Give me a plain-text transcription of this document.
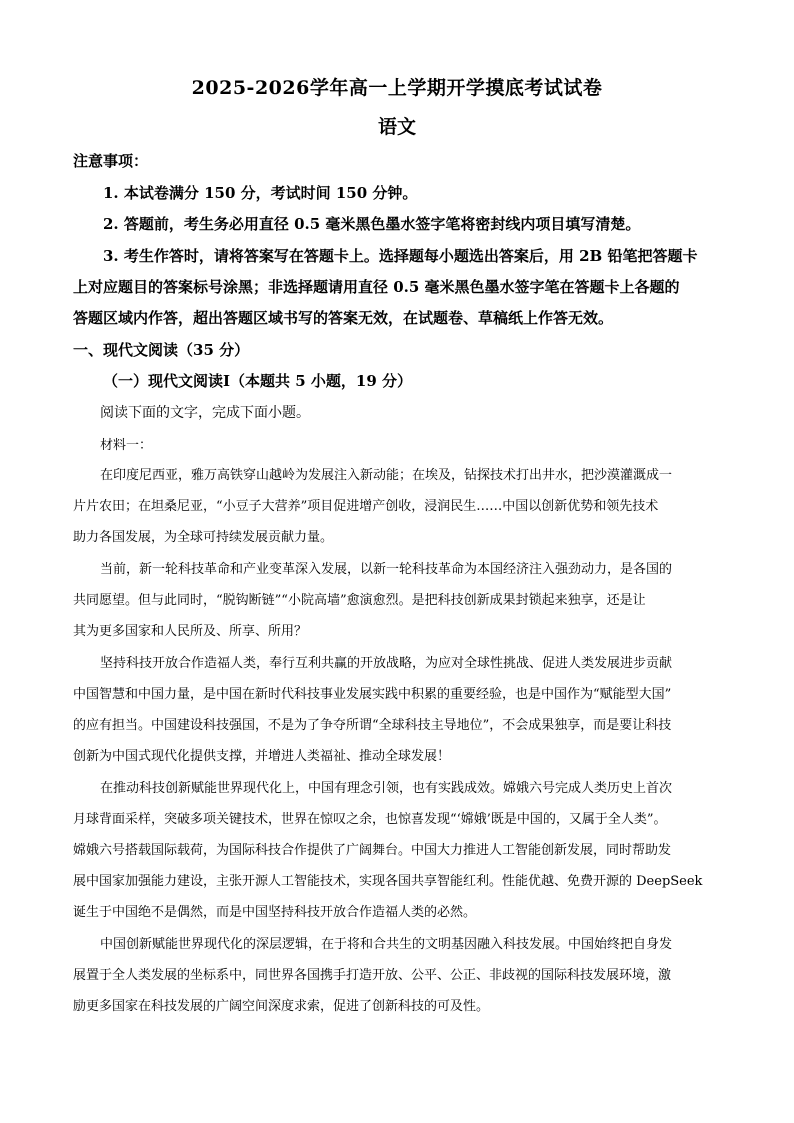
2025-2026学年高一上学期开学摸底考试试卷
语文
注意事项：
1. 本试卷满分 150 分，考试时间 150 分钟。
2. 答题前，考生务必用直径 0.5 毫米黑色墨水签字笔将密封线内项目填写清楚。
3. 考生作答时，请将答案写在答题卡上。选择题每小题选出答案后，用 2B 铅笔把答题卡
上对应题目的答案标号涂黑；非选择题请用直径 0.5 毫米黑色墨水签字笔在答题卡上各题的
答题区域内作答，超出答题区域书写的答案无效，在试题卷、草稿纸上作答无效。
一、现代文阅读（35 分）
（一）现代文阅读Ⅰ（本题共 5 小题，19 分）
阅读下面的文字，完成下面小题。
材料一：
在印度尼西亚，雅万高铁穿山越岭为发展注入新动能；在埃及，钻探技术打出井水，把沙漠灌溉成一
片片农田；在坦桑尼亚，“小豆子大营养”项目促进增产创收，浸润民生……中国以创新优势和领先技术
助力各国发展，为全球可持续发展贡献力量。
当前，新一轮科技革命和产业变革深入发展，以新一轮科技革命为本国经济注入强劲动力，是各国的
共同愿望。但与此同时，“脱钩断链”“小院高墙”愈演愈烈。是把科技创新成果封锁起来独享，还是让
其为更多国家和人民所及、所享、所用？
坚持科技开放合作造福人类，奉行互利共赢的开放战略，为应对全球性挑战、促进人类发展进步贡献
中国智慧和中国力量，是中国在新时代科技事业发展实践中积累的重要经验，也是中国作为“赋能型大国”
的应有担当。中国建设科技强国，不是为了争夺所谓“全球科技主导地位”，不会成果独享，而是要让科技
创新为中国式现代化提供支撑，并增进人类福祉、推动全球发展！
在推动科技创新赋能世界现代化上，中国有理念引领，也有实践成效。嫦娥六号完成人类历史上首次
月球背面采样，突破多项关键技术，世界在惊叹之余，也惊喜发现“‘嫦娥’既是中国的，又属于全人类”。
嫦娥六号搭载国际载荷，为国际科技合作提供了广阔舞台。中国大力推进人工智能创新发展，同时帮助发
展中国家加强能力建设，主张开源人工智能技术，实现各国共享智能红利。性能优越、免费开源的 DeepSeek
诞生于中国绝不是偶然，而是中国坚持科技开放合作造福人类的必然。
中国创新赋能世界现代化的深层逻辑，在于将和合共生的文明基因融入科技发展。中国始终把自身发
展置于全人类发展的坐标系中，同世界各国携手打造开放、公平、公正、非歧视的国际科技发展环境，激
励更多国家在科技发展的广阔空间深度求索，促进了创新科技的可及性。
